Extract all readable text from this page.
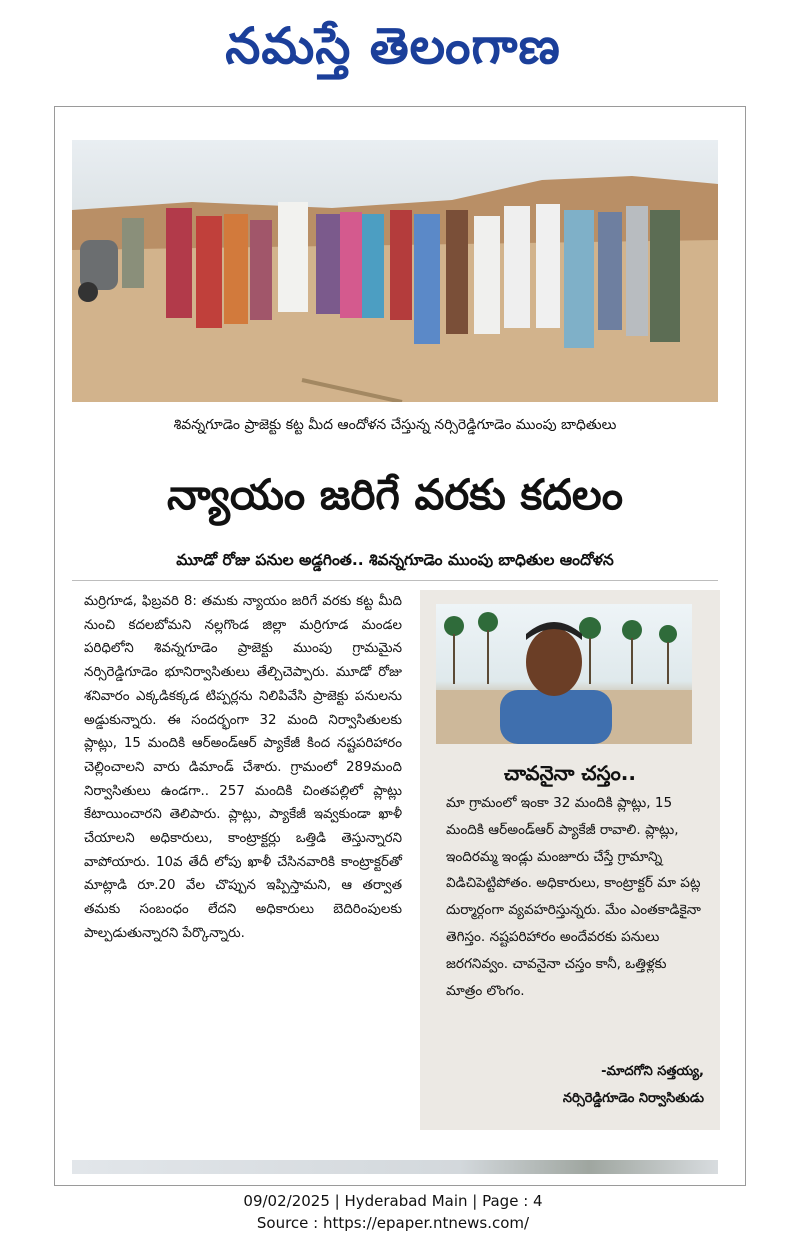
నమస్తే తెలంగాణ
శివన్నగూడెం ప్రాజెక్టు కట్ట మీద ఆందోళన చేస్తున్న నర్సిరెడ్డిగూడెం ముంపు బాధితులు
న్యాయం జరిగే వరకు కదలం
మూడో రోజు పనుల అడ్డగింత.. శివన్నగూడెం ముంపు బాధితుల ఆందోళన

మర్రిగూడ, ఫిబ్రవరి 8: తమకు న్యాయం జరిగే వరకు కట్ట మీది నుంచి కదలబోమని నల్లగొండ జిల్లా మర్రిగూడ మండల పరిధిలోని శివన్నగూడెం ప్రాజెక్టు ముంపు గ్రామమైన నర్సిరెడ్డిగూడెం భూనిర్వాసితులు తేల్చిచెప్పారు. మూడో రోజు శనివారం ఎక్కడికక్కడ టిప్పర్లను నిలిపివేసి ప్రాజెక్టు పనులను అడ్డుకున్నారు. ఈ సందర్భంగా 32 మంది నిర్వాసితులకు ప్లాట్లు, 15 మందికి ఆర్అండ్ఆర్ ప్యాకేజీ కింద నష్టపరిహారం చెల్లించాలని వారు డిమాండ్ చేశారు. గ్రామంలో 289మంది నిర్వాసితులు ఉండగా.. 257 మందికి చింతపల్లిలో ప్లాట్లు కేటాయించారని తెలిపారు. ప్లాట్లు, ప్యాకేజీ ఇవ్వకుండా ఖాళీ చేయాలని అధికారులు, కాంట్రాక్టర్లు ఒత్తిడి తెస్తున్నారని వాపోయారు. 10వ తేదీ లోపు ఖాళీ చేసినవారికి కాంట్రాక్టర్‌తో మాట్లాడి రూ.20 వేల చొప్పున ఇప్పిస్తామని, ఆ తర్వాత తమకు సంబంధం లేదని అధికారులు బెదిరింపులకు పాల్పడుతున్నారని పేర్కొన్నారు.

చావనైనా చస్తం..
మా గ్రామంలో ఇంకా 32 మందికి ప్లాట్లు, 15 మందికి ఆర్అండ్ఆర్ ప్యాకేజీ రావాలి. ప్లాట్లు, ఇందిరమ్మ ఇండ్లు మంజూరు చేస్తే గ్రామాన్ని విడిచిపెట్టిపోతం. అధికారులు, కాంట్రాక్టర్ మా పట్ల దుర్మార్గంగా వ్యవహరిస్తున్నరు. మేం ఎంతకాడికైనా తెగిస్తం. నష్టపరిహారం అందేవరకు పనులు జరగనివ్వం. చావనైనా చస్తం కానీ, ఒత్తిళ్లకు మాత్రం లొంగం.
-మాదగోని సత్తయ్య,
నర్సిరెడ్డిగూడెం నిర్వాసితుడు
09/02/2025 | Hyderabad Main | Page : 4
Source : https://epaper.ntnews.com/
